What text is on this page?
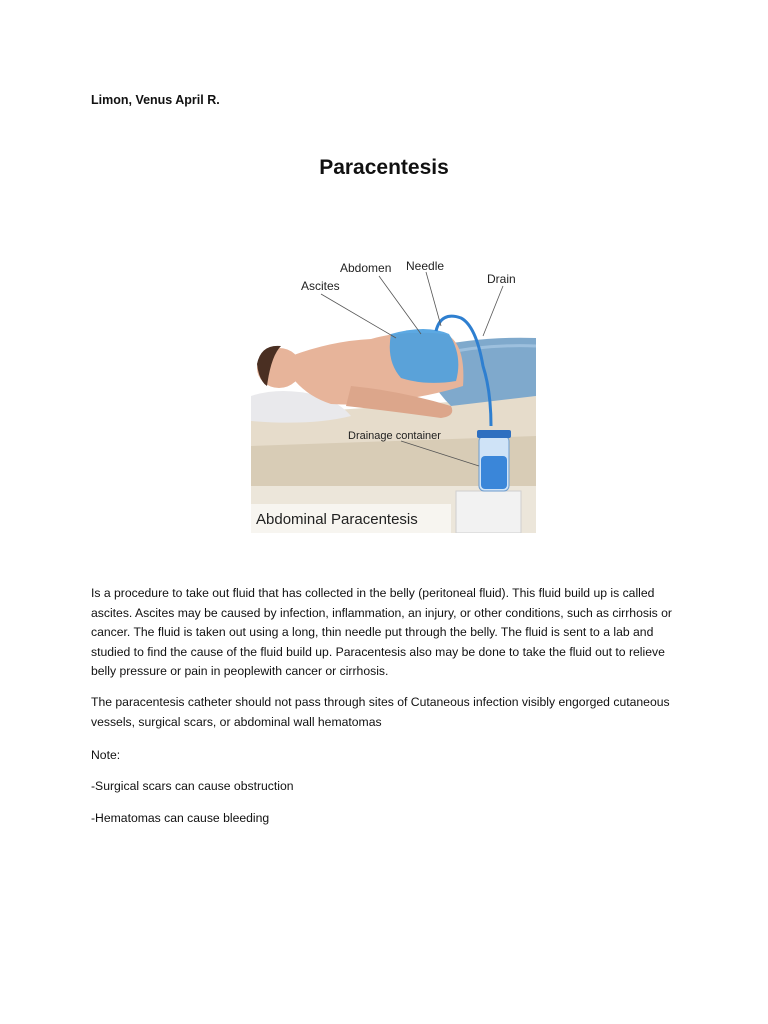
Limon, Venus April R.
Paracentesis
Ascites
Abdomen Needle
Drain
Drainage container
Abdominal Paracentesis
Is a procedure to take out fluid that has collected in the belly (peritoneal fluid). This fluid build up is called ascites. Ascites may be caused by infection, inflammation, an injury, or other conditions, such as cirrhosis or cancer. The fluid is taken out using a long, thin needle put through the belly. The fluid is sent to a lab and studied to find the cause of the fluid build up. Paracentesis also may be done to take the fluid out to relieve belly pressure or pain in peoplewith cancer or cirrhosis.
The paracentesis catheter should not pass through sites of Cutaneous infection visibly engorged cutaneous vessels, surgical scars, or abdominal wall hematomas
Note:
-Surgical scars can cause obstruction
-Hematomas can cause bleeding
